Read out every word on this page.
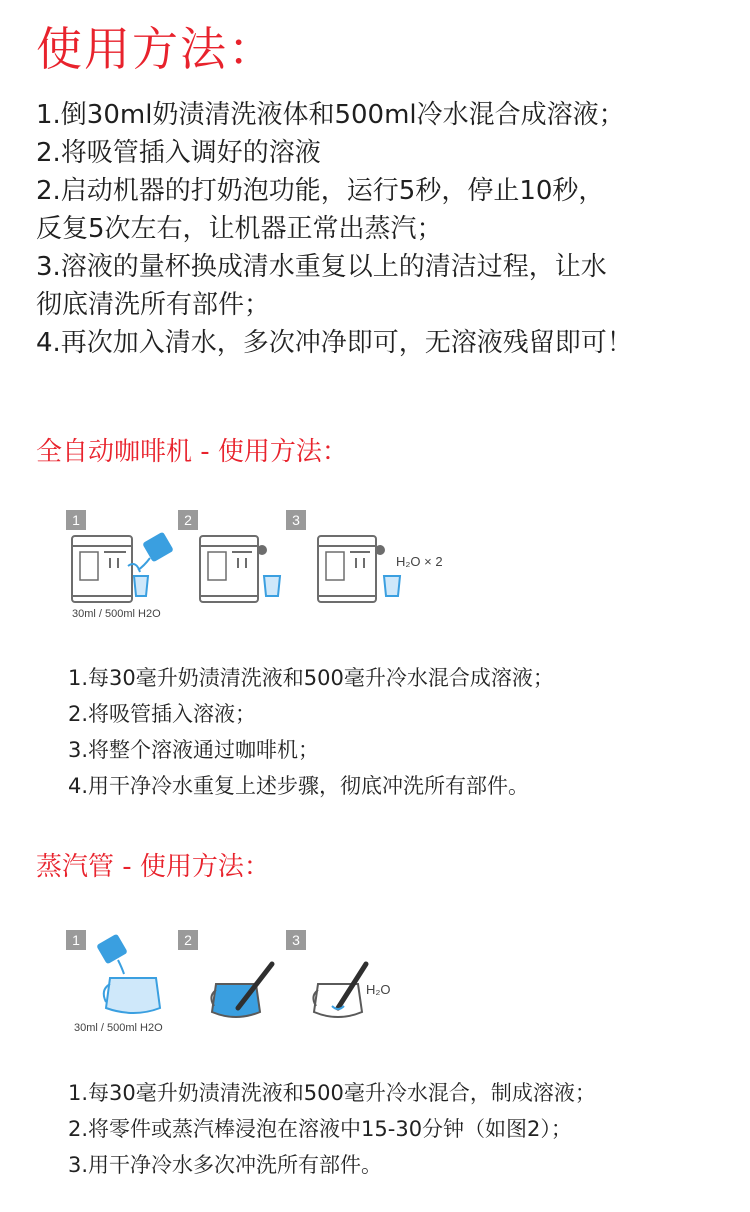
使用方法：
1.倒30ml奶渍清洗液体和500ml冷水混合成溶液；
2.将吸管插入调好的溶液
2.启动机器的打奶泡功能，运行5秒，停止10秒，
反复5次左右，让机器正常出蒸汽；
3.溶液的量杯换成清水重复以上的清洁过程，让水
彻底清洗所有部件；
4.再次加入清水，多次冲净即可，无溶液残留即可！
全自动咖啡机 - 使用方法：
1	2	3
H₂O × 2
30ml / 500ml H2O
1.每30毫升奶渍清洗液和500毫升冷水混合成溶液；
2.将吸管插入溶液；
3.将整个溶液通过咖啡机；
4.用干净冷水重复上述步骤，彻底冲洗所有部件。
蒸汽管 - 使用方法：
1	2	3
H₂O
30ml / 500ml H2O
1.每30毫升奶渍清洗液和500毫升冷水混合，制成溶液；
2.将零件或蒸汽棒浸泡在溶液中15-30分钟（如图2）；
3.用干净冷水多次冲洗所有部件。
